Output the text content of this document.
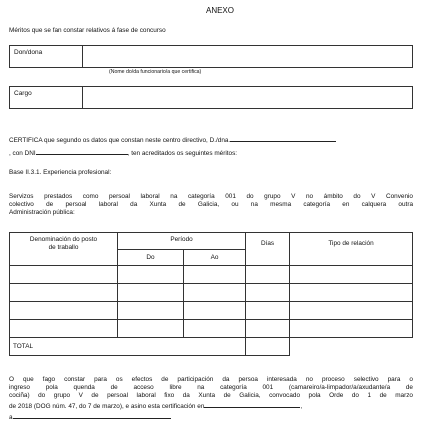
ANEXO
Méritos que se fan constar relativos á fase de concurso
Don/dona
(Nome do/da funcionario/a que certifica)
Cargo
CERTIFICA que segundo os datos que constan neste centro directivo, D./dna.
, con DNI	, ten acreditados os seguintes méritos:
Base II.3.1. Experiencia profesional:
Servizos prestados como persoal laboral na categoría 001 do grupo V no ámbito do V Convenio
colectivo de persoal laboral da Xunta de Galicia, ou na mesma categoría en calquera outra
Administración pública:
Denominación do posto
de traballo	Período		Días	Tipo de relación
	Do	Ao		

TOTAL				
O que fago constar para os efectos de participación da persoa interesada no proceso selectivo para o
ingreso pola quenda de acceso libre na categoría 001 (camareiro/a-limpador/a/axudante/a de
cociña) do grupo V de persoal laboral fixo da Xunta de Galicia, convocado pola Orde do 1 de marzo
de 2018 (DOG núm. 47, do 7 de marzo), e asino esta certificación en	,
a
